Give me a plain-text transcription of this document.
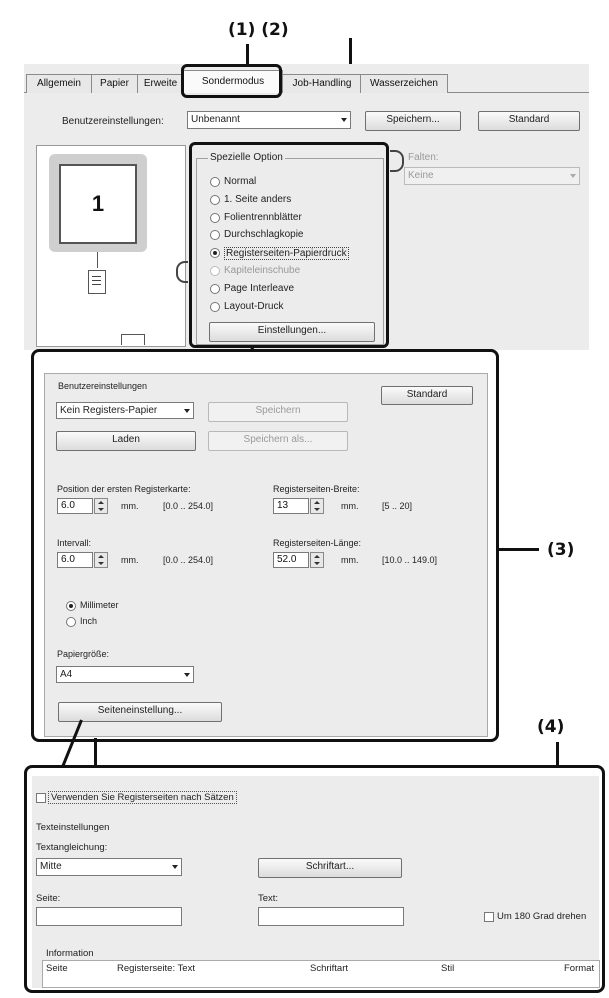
(1) (2)
Allgemein	Papier	Erweite	Sondermodus	Job-Handling	Wasserzeichen
Benutzereinstellungen:	Unbenannt	Speichern...	Standard
1
Spezielle Option
Normal
1. Seite anders
Folientrennblätter
Durchschlagkopie
Registerseiten-Papierdruck
Kapiteleinschube
Page Interleave
Layout-Druck
Einstellungen...
Falten:
Keine
Benutzereinstellungen
Standard
Kein Registers-Papier	Speichern
Laden	Speichern als...
Position der ersten Registerkarte:
6.0	mm.	[0.0 .. 254.0]
Registerseiten-Breite:
13	mm.	[5 .. 20]
Intervall:
6.0	mm.	[0.0 .. 254.0]
Registerseiten-Länge:
52.0	mm.	[10.0 .. 149.0]
Millimeter
Inch
Papiergröße:
A4
Seiteneinstellung...
(3)
(4)
Verwenden Sie Registerseiten nach Sätzen
Texteinstellungen
Textangleichung:
Mitte	Schriftart...
Seite:	Text:
Um 180 Grad drehen
Information
Seite	Registerseite: Text	Schriftart	Stil	Format
